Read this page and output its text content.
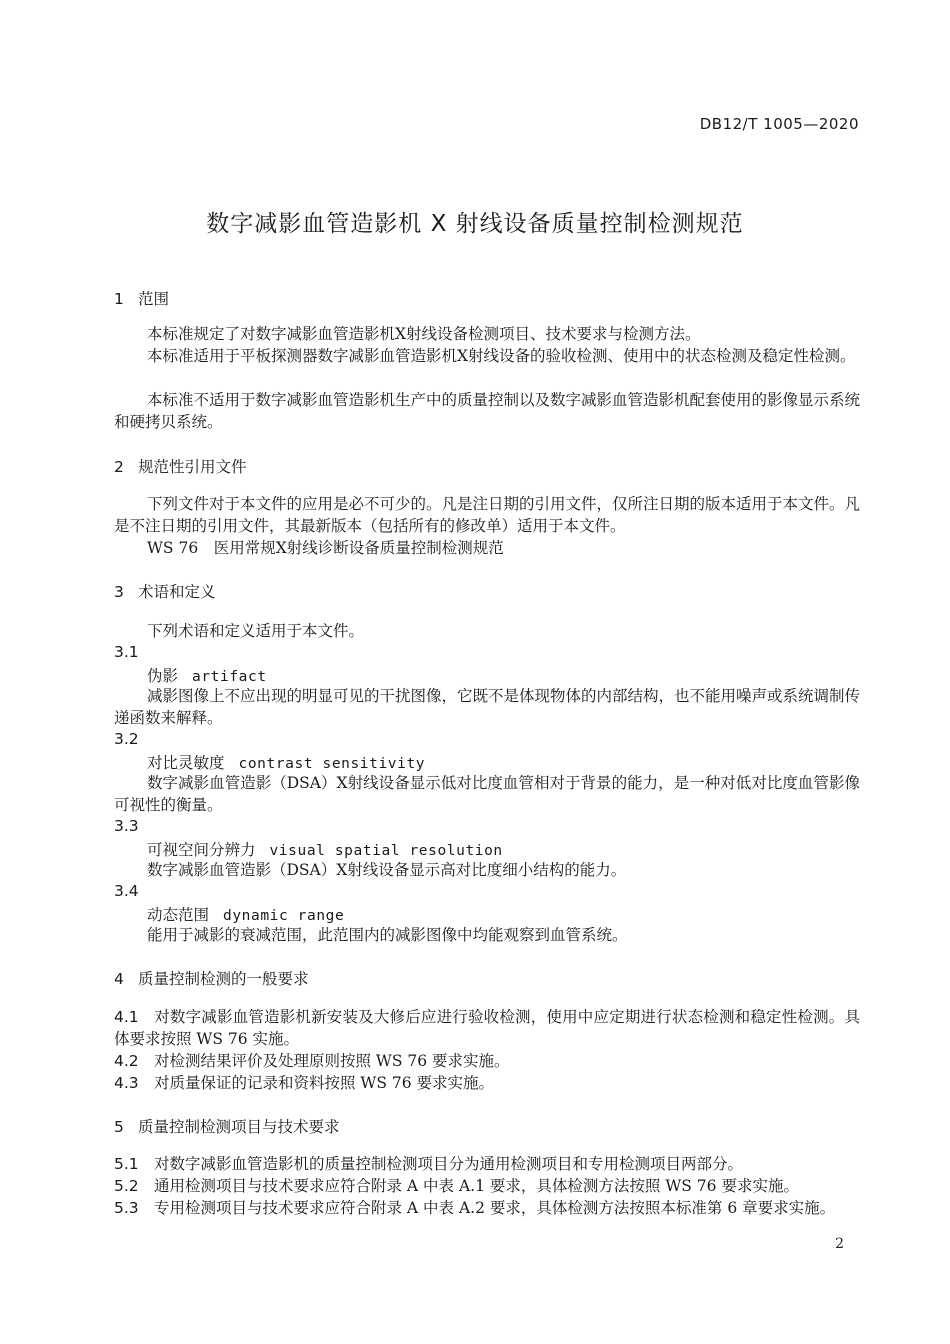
DB12/T 1005—2020
数字减影血管造影机 X 射线设备质量控制检测规范
1 范围
本标准规定了对数字减影血管造影机X射线设备检测项目、技术要求与检测方法。
本标准适用于平板探测器数字减影血管造影机X射线设备的验收检测、使用中的状态检测及稳定性检测。
本标准不适用于数字减影血管造影机生产中的质量控制以及数字减影血管造影机配套使用的影像显示系统和硬拷贝系统。
2 规范性引用文件
下列文件对于本文件的应用是必不可少的。凡是注日期的引用文件，仅所注日期的版本适用于本文件。凡是不注日期的引用文件，其最新版本（包括所有的修改单）适用于本文件。
WS 76　医用常规X射线诊断设备质量控制检测规范
3 术语和定义
下列术语和定义适用于本文件。
3.1
伪影 artifact
减影图像上不应出现的明显可见的干扰图像，它既不是体现物体的内部结构，也不能用噪声或系统调制传递函数来解释。
3.2
对比灵敏度 contrast sensitivity
数字减影血管造影（DSA）X射线设备显示低对比度血管相对于背景的能力，是一种对低对比度血管影像可视性的衡量。
3.3
可视空间分辨力 visual spatial resolution
数字减影血管造影（DSA）X射线设备显示高对比度细小结构的能力。
3.4
动态范围 dynamic range
能用于减影的衰减范围，此范围内的减影图像中均能观察到血管系统。
4 质量控制检测的一般要求
4.1 对数字减影血管造影机新安装及大修后应进行验收检测，使用中应定期进行状态检测和稳定性检测。具体要求按照 WS 76 实施。
4.2 对检测结果评价及处理原则按照 WS 76 要求实施。
4.3 对质量保证的记录和资料按照 WS 76 要求实施。
5 质量控制检测项目与技术要求
5.1 对数字减影血管造影机的质量控制检测项目分为通用检测项目和专用检测项目两部分。
5.2 通用检测项目与技术要求应符合附录 A 中表 A.1 要求，具体检测方法按照 WS 76 要求实施。
5.3 专用检测项目与技术要求应符合附录 A 中表 A.2 要求，具体检测方法按照本标准第 6 章要求实施。
2
